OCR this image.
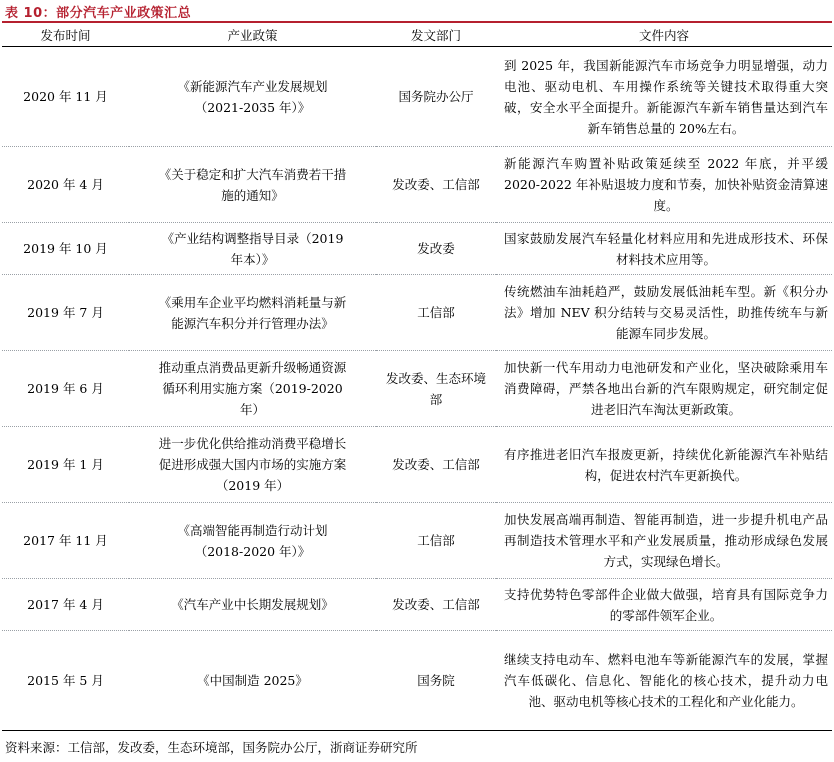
表 10：部分汽车产业政策汇总
发布时间	产业政策	发文部门	文件内容
2020 年 11 月	《新能源汽车产业发展规划（2021-2035 年）》	国务院办公厅	到 2025 年，我国新能源汽车市场竞争力明显增强，动力电池、驱动电机、车用操作系统等关键技术取得重大突破，安全水平全面提升。新能源汽车新车销售量达到汽车新车销售总量的 20%左右。
2020 年 4 月	《关于稳定和扩大汽车消费若干措施的通知》	发改委、工信部	新能源汽车购置补贴政策延续至 2022 年底，并平缓 2020-2022 年补贴退坡力度和节奏，加快补贴资金清算速度。
2019 年 10 月	《产业结构调整指导目录（2019 年本）》	发改委	国家鼓励发展汽车轻量化材料应用和先进成形技术、环保材料技术应用等。
2019 年 7 月	《乘用车企业平均燃料消耗量与新能源汽车积分并行管理办法》	工信部	传统燃油车油耗趋严，鼓励发展低油耗车型。新《积分办法》增加 NEV 积分结转与交易灵活性，助推传统车与新能源车同步发展。
2019 年 6 月	推动重点消费品更新升级畅通资源循环利用实施方案（2019-2020 年）	发改委、生态环境部	加快新一代车用动力电池研发和产业化，坚决破除乘用车消费障碍，严禁各地出台新的汽车限购规定，研究制定促进老旧汽车淘汰更新政策。
2019 年 1 月	进一步优化供给推动消费平稳增长促进形成强大国内市场的实施方案（2019 年）	发改委、工信部	有序推进老旧汽车报废更新，持续优化新能源汽车补贴结构，促进农村汽车更新换代。
2017 年 11 月	《高端智能再制造行动计划（2018-2020 年）》	工信部	加快发展高端再制造、智能再制造，进一步提升机电产品再制造技术管理水平和产业发展质量，推动形成绿色发展方式，实现绿色增长。
2017 年 4 月	《汽车产业中长期发展规划》	发改委、工信部	支持优势特色零部件企业做大做强，培育具有国际竞争力的零部件领军企业。
2015 年 5 月	《中国制造 2025》	国务院	继续支持电动车、燃料电池车等新能源汽车的发展，掌握汽车低碳化、信息化、智能化的核心技术，提升动力电池、驱动电机等核心技术的工程化和产业化能力。
资料来源：工信部，发改委，生态环境部，国务院办公厅，浙商证券研究所
